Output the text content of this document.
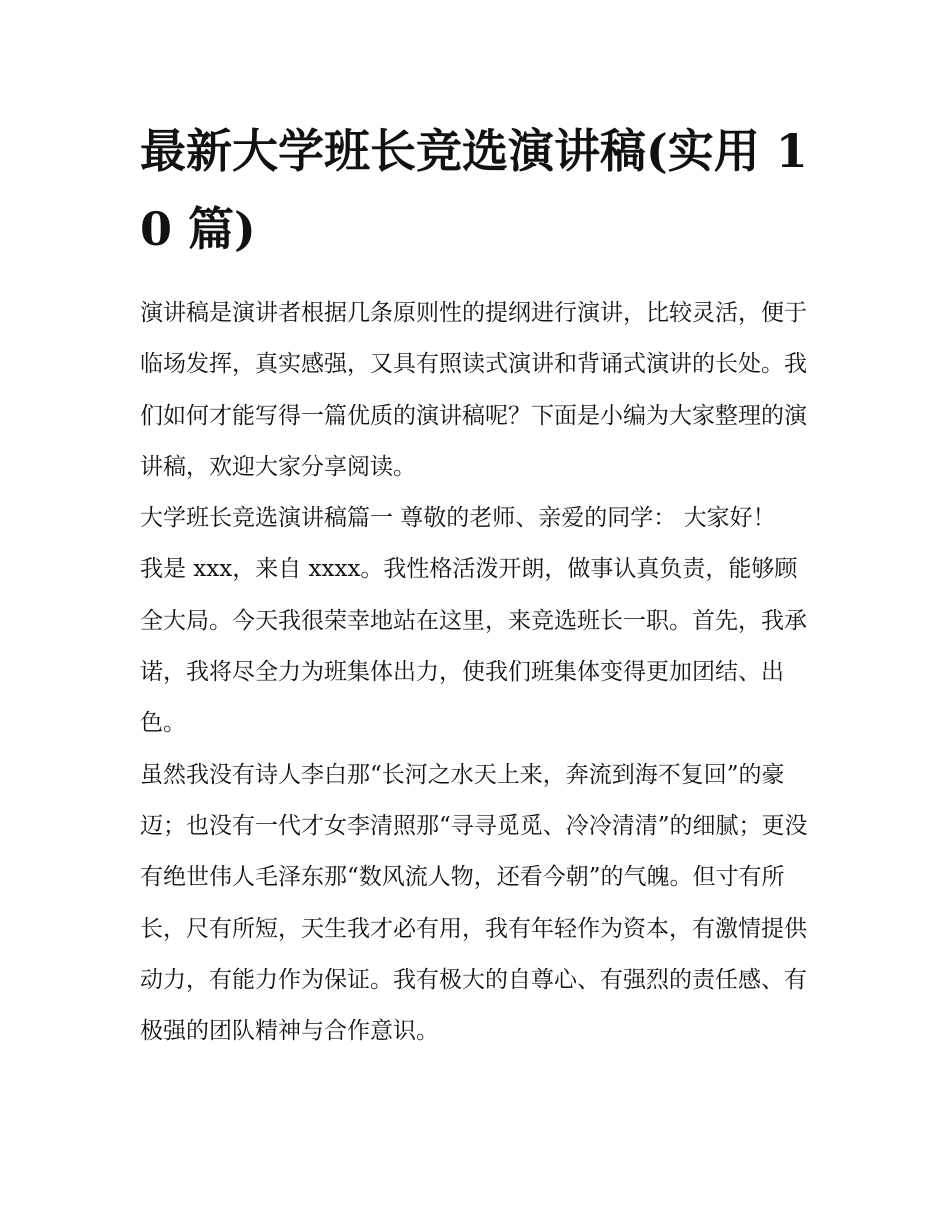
最新大学班长竞选演讲稿(实用 10 篇)

演讲稿是演讲者根据几条原则性的提纲进行演讲，比较灵活，便于临场发挥，真实感强，又具有照读式演讲和背诵式演讲的长处。我们如何才能写得一篇优质的演讲稿呢？下面是小编为大家整理的演讲稿，欢迎大家分享阅读。

大学班长竞选演讲稿篇一 尊敬的老师、亲爱的同学： 大家好！

我是 xxx，来自 xxxx。我性格活泼开朗，做事认真负责，能够顾全大局。今天我很荣幸地站在这里，来竞选班长一职。首先，我承诺，我将尽全力为班集体出力，使我们班集体变得更加团结、出色。

虽然我没有诗人李白那“长河之水天上来，奔流到海不复回”的豪迈；也没有一代才女李清照那“寻寻觅觅、冷冷清清”的细腻；更没有绝世伟人毛泽东那“数风流人物，还看今朝”的气魄。但寸有所长，尺有所短，天生我才必有用，我有年轻作为资本，有激情提供动力，有能力作为保证。我有极大的自尊心、有强烈的责任感、有极强的团队精神与合作意识。
